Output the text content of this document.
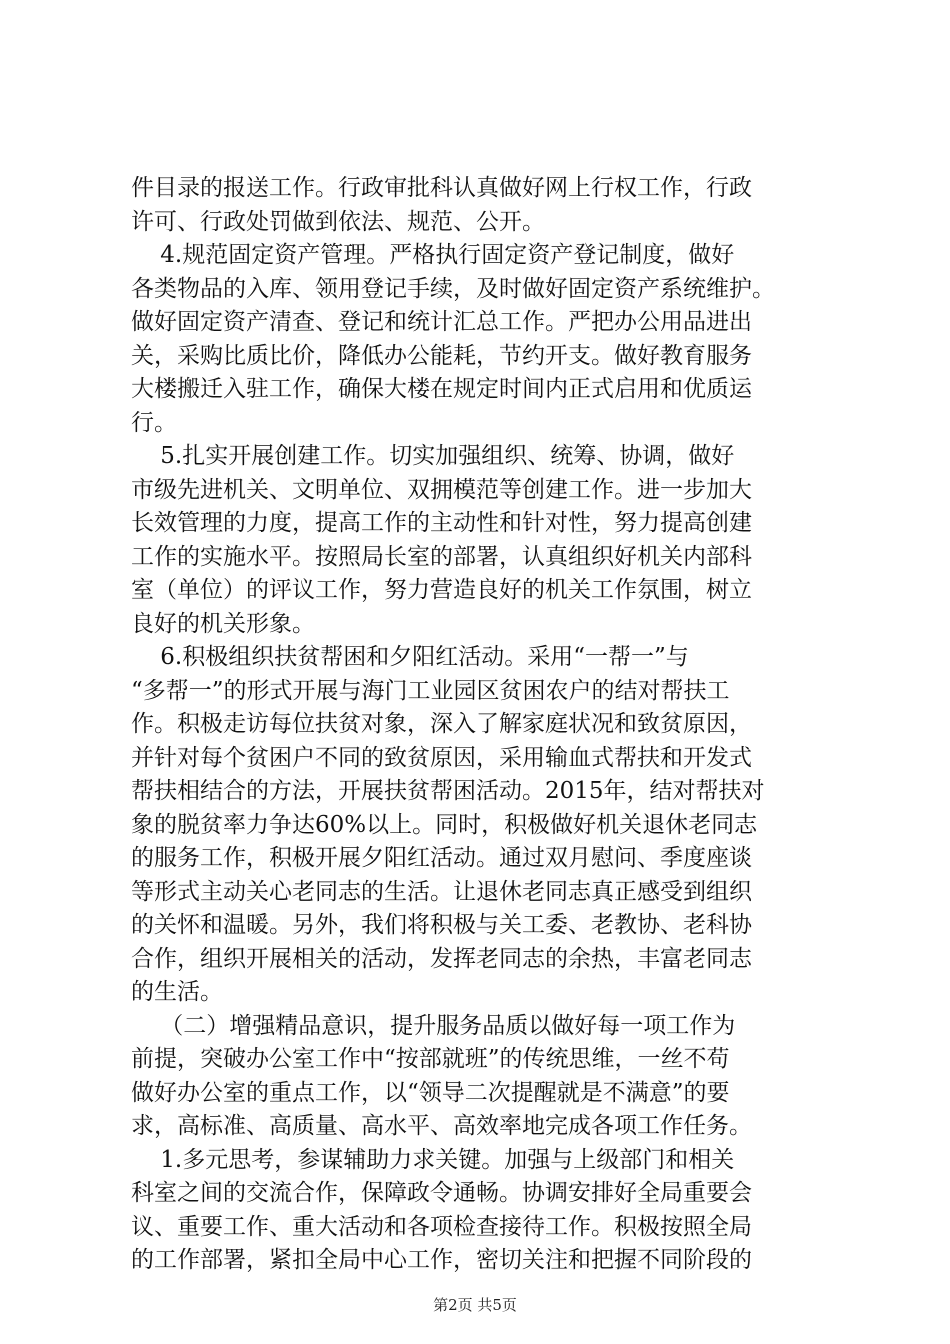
件目录的报送工作。行政审批科认真做好网上行权工作，行政
许可、行政处罚做到依法、规范、公开。
4.规范固定资产管理。严格执行固定资产登记制度，做好
各类物品的入库、领用登记手续，及时做好固定资产系统维护。
做好固定资产清查、登记和统计汇总工作。严把办公用品进出
关，采购比质比价，降低办公能耗，节约开支。做好教育服务
大楼搬迁入驻工作，确保大楼在规定时间内正式启用和优质运
行。
5.扎实开展创建工作。切实加强组织、统筹、协调，做好
市级先进机关、文明单位、双拥模范等创建工作。进一步加大
长效管理的力度，提高工作的主动性和针对性，努力提高创建
工作的实施水平。按照局长室的部署，认真组织好机关内部科
室（单位）的评议工作，努力营造良好的机关工作氛围，树立
良好的机关形象。
6.积极组织扶贫帮困和夕阳红活动。采用“一帮一”与
“多帮一”的形式开展与海门工业园区贫困农户的结对帮扶工
作。积极走访每位扶贫对象，深入了解家庭状况和致贫原因，
并针对每个贫困户不同的致贫原因，采用输血式帮扶和开发式
帮扶相结合的方法，开展扶贫帮困活动。2015年，结对帮扶对
象的脱贫率力争达60%以上。同时，积极做好机关退休老同志
的服务工作，积极开展夕阳红活动。通过双月慰问、季度座谈
等形式主动关心老同志的生活。让退休老同志真正感受到组织
的关怀和温暖。另外，我们将积极与关工委、老教协、老科协
合作，组织开展相关的活动，发挥老同志的余热，丰富老同志
的生活。
（二）增强精品意识，提升服务品质以做好每一项工作为
前提，突破办公室工作中“按部就班”的传统思维，一丝不苟
做好办公室的重点工作，以“领导二次提醒就是不满意”的要
求，高标准、高质量、高水平、高效率地完成各项工作任务。
1.多元思考，参谋辅助力求关键。加强与上级部门和相关
科室之间的交流合作，保障政令通畅。协调安排好全局重要会
议、重要工作、重大活动和各项检查接待工作。积极按照全局
的工作部署，紧扣全局中心工作，密切关注和把握不同阶段的
第2页 共5页
